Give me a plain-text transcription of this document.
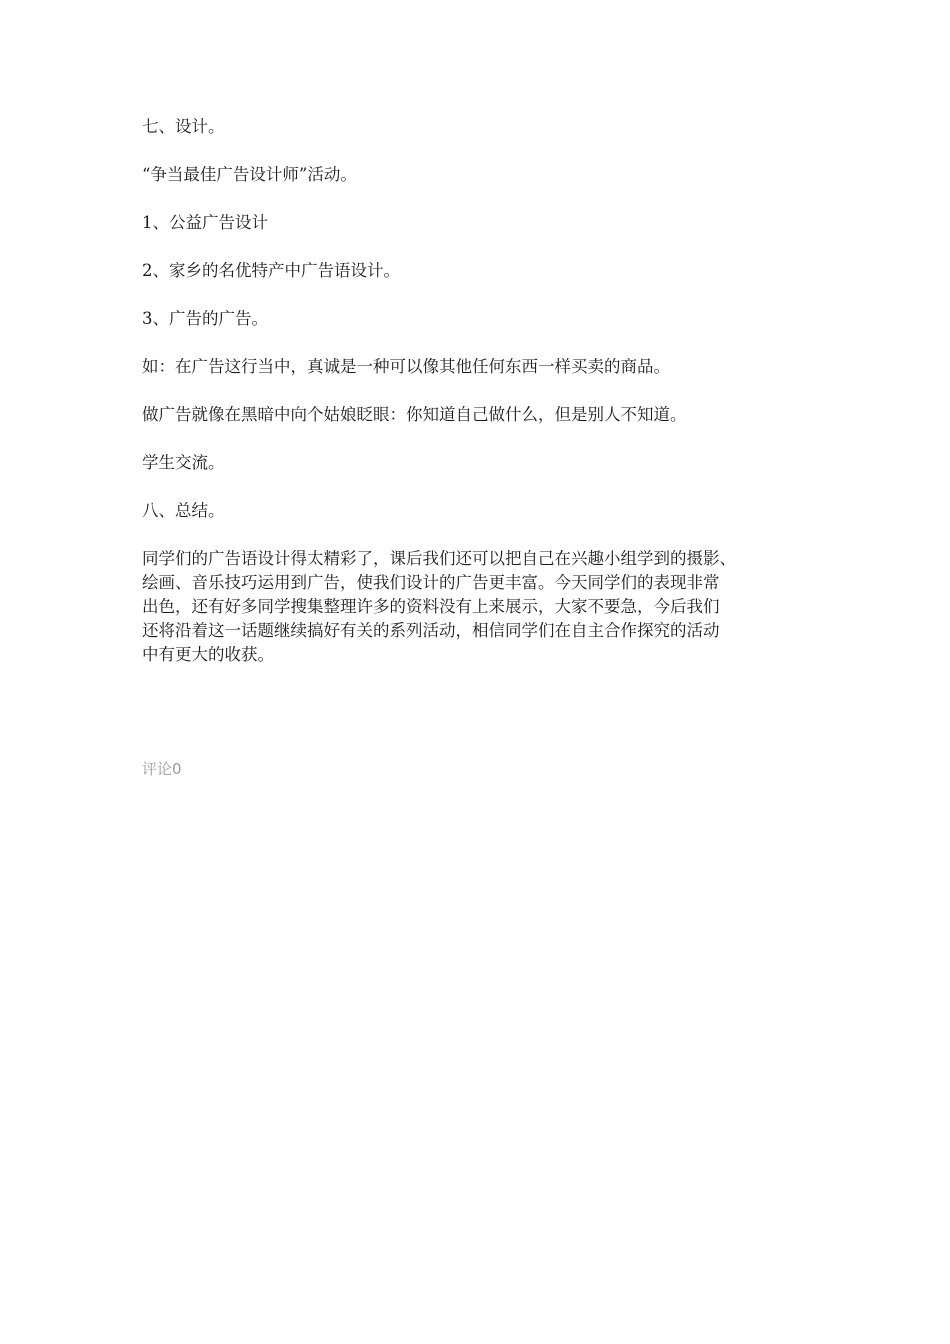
七、设计。

“争当最佳广告设计师”活动。

1、公益广告设计

2、家乡的名优特产中广告语设计。

3、广告的广告。

如：在广告这行当中，真诚是一种可以像其他任何东西一样买卖的商品。

做广告就像在黑暗中向个姑娘眨眼：你知道自己做什么，但是别人不知道。

学生交流。

八、总结。

同学们的广告语设计得太精彩了，课后我们还可以把自己在兴趣小组学到的摄影、

绘画、音乐技巧运用到广告，使我们设计的广告更丰富。今天同学们的表现非常

出色，还有好多同学搜集整理许多的资料没有上来展示，大家不要急，今后我们

还将沿着这一话题继续搞好有关的系列活动，相信同学们在自主合作探究的活动

中有更大的收获。

评论0
